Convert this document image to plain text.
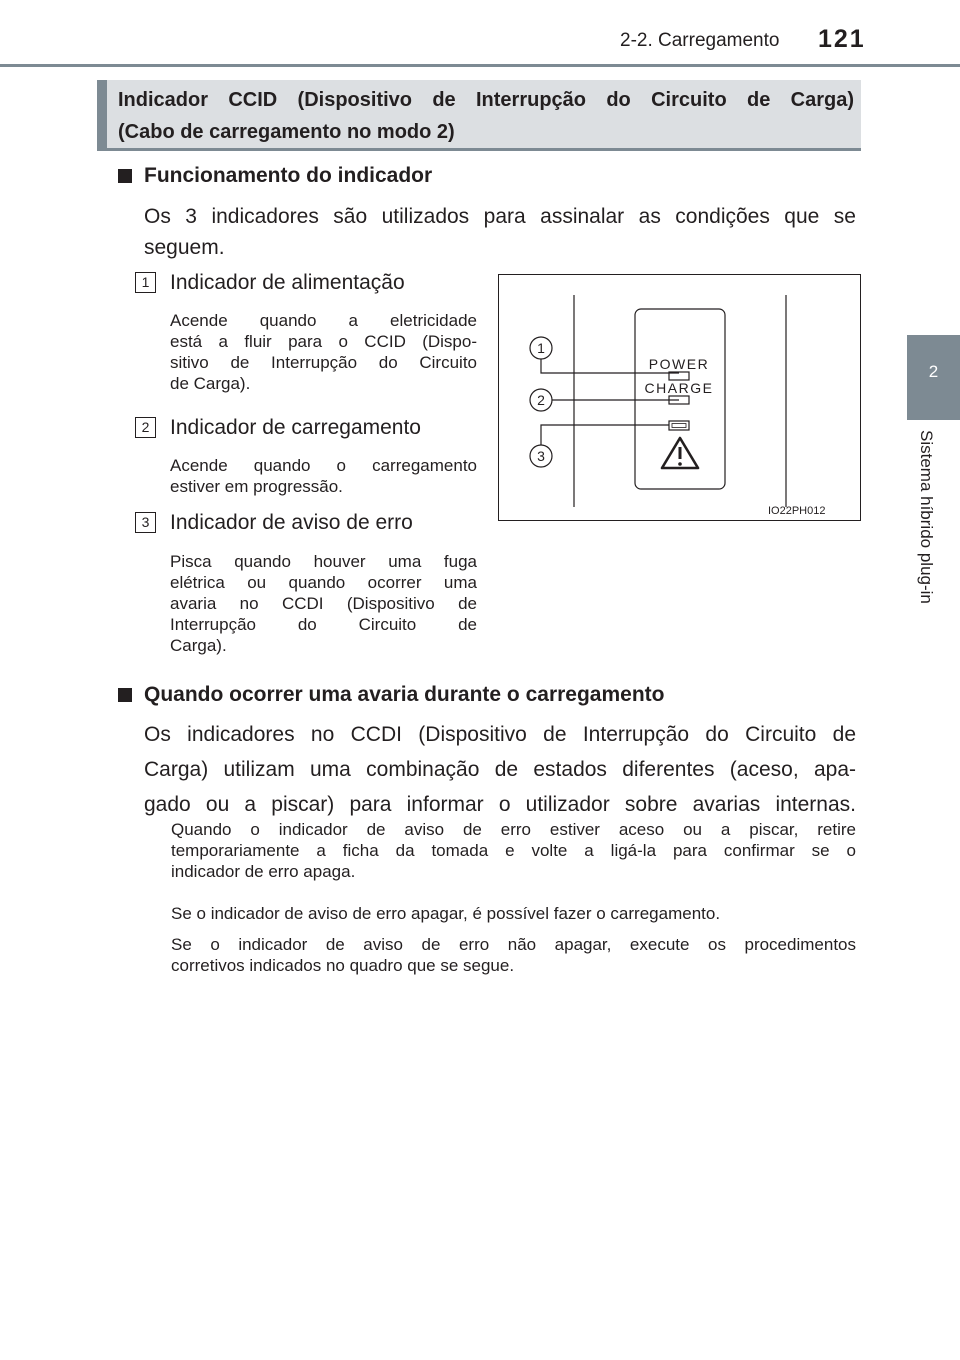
2-2. Carregamento 121
2
Sistema híbrido plug-in
Indicador CCID (Dispositivo de Interrupção do Circuito de Carga)
(Cabo de carregamento no modo 2)
Funcionamento do indicador
Os 3 indicadores são utilizados para assinalar as condições que se
seguem.
1 Indicador de alimentação
Acende quando a eletricidade
está a fluir para o CCID (Dispo-
sitivo de Interrupção do Circuito
de Carga).
2 Indicador de carregamento
Acende quando o carregamento
estiver em progressão.
3 Indicador de aviso de erro
Pisca quando houver uma fuga
elétrica ou quando ocorrer uma
avaria no CCDI (Dispositivo de
Interrupção do Circuito de
Carga).
POWER
CHARGE
1
2
3
IO22PH012
Quando ocorrer uma avaria durante o carregamento
Os indicadores no CCDI (Dispositivo de Interrupção do Circuito de
Carga) utilizam uma combinação de estados diferentes (aceso, apa-
gado ou a piscar) para informar o utilizador sobre avarias internas.
Quando o indicador de aviso de erro estiver aceso ou a piscar, retire
temporariamente a ficha da tomada e volte a ligá-la para confirmar se o
indicador de erro apaga.
Se o indicador de aviso de erro apagar, é possível fazer o carregamento.
Se o indicador de aviso de erro não apagar, execute os procedimentos
corretivos indicados no quadro que se segue.
